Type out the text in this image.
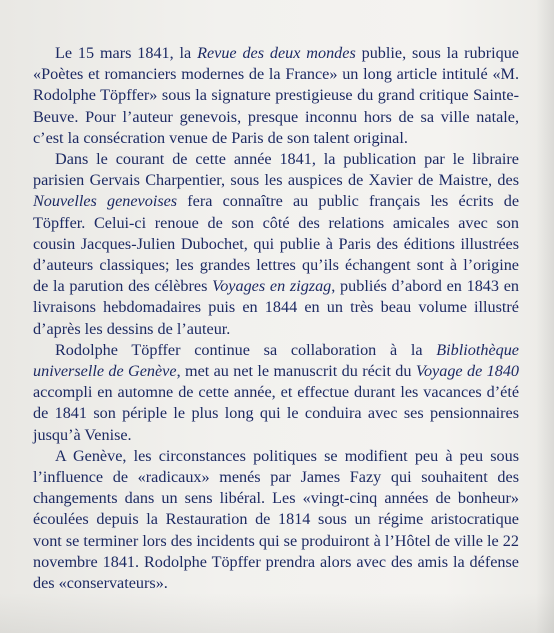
Le 15 mars 1841, la Revue des deux mondes publie, sous la rubrique «Poètes et romanciers modernes de la France» un long article intitulé «M. Rodolphe Töpffer» sous la signature prestigieuse du grand critique Sainte-Beuve. Pour l’auteur genevois, presque inconnu hors de sa ville natale, c’est la consécration venue de Paris de son talent original.

Dans le courant de cette année 1841, la publication par le libraire parisien Gervais Charpentier, sous les auspices de Xavier de Maistre, des Nouvelles genevoises fera connaître au public français les écrits de Töpffer. Celui-ci renoue de son côté des relations amicales avec son cousin Jacques-Julien Dubochet, qui publie à Paris des éditions illustrées d’auteurs classiques; les grandes lettres qu’ils échangent sont à l’origine de la parution des célèbres Voyages en zigzag, publiés d’abord en 1843 en livraisons hebdomadaires puis en 1844 en un très beau volume illustré d’après les dessins de l’auteur.

Rodolphe Töpffer continue sa collaboration à la Bibliothèque universelle de Genève, met au net le manuscrit du récit du Voyage de 1840 accompli en automne de cette année, et effectue durant les vacances d’été de 1841 son périple le plus long qui le conduira avec ses pensionnaires jusqu’à Venise.

A Genève, les circonstances politiques se modifient peu à peu sous l’influence de «radicaux» menés par James Fazy qui souhaitent des changements dans un sens libéral. Les «vingt-cinq années de bonheur» écoulées depuis la Restauration de 1814 sous un régime aristocratique vont se terminer lors des incidents qui se produiront à l’Hôtel de ville le 22 novembre 1841. Rodolphe Töpffer prendra alors avec des amis la défense des «conservateurs».
